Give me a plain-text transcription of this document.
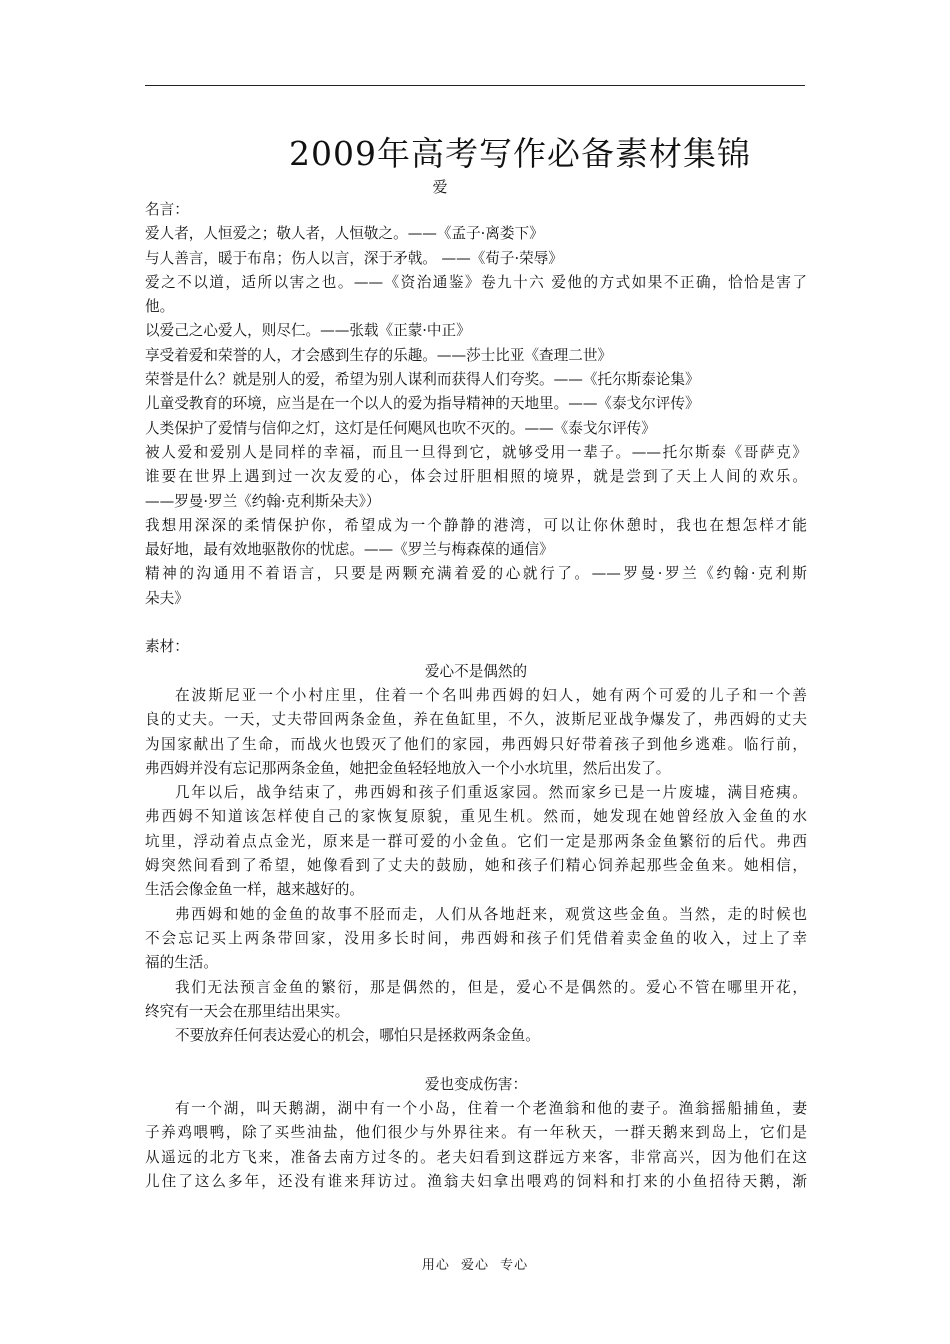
2009年高考写作必备素材集锦
爱
名言：
爱人者，人恒爱之；敬人者，人恒敬之。——《孟子·离娄下》
与人善言，暖于布帛；伤人以言，深于矛戟。 ——《荀子·荣辱》
爱之不以道，适所以害之也。——《资治通鉴》卷九十六 爱他的方式如果不正确，恰恰是害了
他。
以爱己之心爱人，则尽仁。——张载《正蒙·中正》
享受着爱和荣誉的人，才会感到生存的乐趣。——莎士比亚《查理二世》
荣誉是什么？就是别人的爱，希望为别人谋利而获得人们夸奖。——《托尔斯泰论集》
儿童受教育的环境，应当是在一个以人的爱为指导精神的天地里。——《泰戈尔评传》
人类保护了爱情与信仰之灯，这灯是任何飓风也吹不灭的。——《泰戈尔评传》
被人爱和爱别人是同样的幸福，而且一旦得到它，就够受用一辈子。——托尔斯泰《哥萨克》
谁要在世界上遇到过一次友爱的心，体会过肝胆相照的境界，就是尝到了天上人间的欢乐。
——罗曼·罗兰《约翰·克利斯朵夫》）
我想用深深的柔情保护你，希望成为一个静静的港湾，可以让你休憩时，我也在想怎样才能
最好地，最有效地驱散你的忧虑。——《罗兰与梅森葆的通信》
精神的沟通用不着语言，只要是两颗充满着爱的心就行了。——罗曼·罗兰《约翰·克利斯
朵夫》
素材：
爱心不是偶然的
在波斯尼亚一个小村庄里，住着一个名叫弗西姆的妇人，她有两个可爱的儿子和一个善
良的丈夫。一天，丈夫带回两条金鱼，养在鱼缸里，不久，波斯尼亚战争爆发了，弗西姆的丈夫
为国家献出了生命，而战火也毁灭了他们的家园，弗西姆只好带着孩子到他乡逃难。临行前，
弗西姆并没有忘记那两条金鱼，她把金鱼轻轻地放入一个小水坑里，然后出发了。
几年以后，战争结束了，弗西姆和孩子们重返家园。然而家乡已是一片废墟，满目疮痍。
弗西姆不知道该怎样使自己的家恢复原貌，重见生机。然而，她发现在她曾经放入金鱼的水
坑里，浮动着点点金光，原来是一群可爱的小金鱼。它们一定是那两条金鱼繁衍的后代。弗西
姆突然间看到了希望，她像看到了丈夫的鼓励，她和孩子们精心饲养起那些金鱼来。她相信，
生活会像金鱼一样，越来越好的。
弗西姆和她的金鱼的故事不胫而走，人们从各地赶来，观赏这些金鱼。当然，走的时候也
不会忘记买上两条带回家，没用多长时间，弗西姆和孩子们凭借着卖金鱼的收入，过上了幸
福的生活。
我们无法预言金鱼的繁衍，那是偶然的，但是，爱心不是偶然的。爱心不管在哪里开花，
终究有一天会在那里结出果实。
不要放弃任何表达爱心的机会，哪怕只是拯救两条金鱼。
爱也变成伤害：
有一个湖，叫天鹅湖，湖中有一个小岛，住着一个老渔翁和他的妻子。渔翁摇船捕鱼，妻
子养鸡喂鸭，除了买些油盐，他们很少与外界往来。有一年秋天，一群天鹅来到岛上，它们是
从遥远的北方飞来，准备去南方过冬的。老夫妇看到这群远方来客，非常高兴，因为他们在这
儿住了这么多年，还没有谁来拜访过。渔翁夫妇拿出喂鸡的饲料和打来的小鱼招待天鹅，渐
用心 爱心 专心
